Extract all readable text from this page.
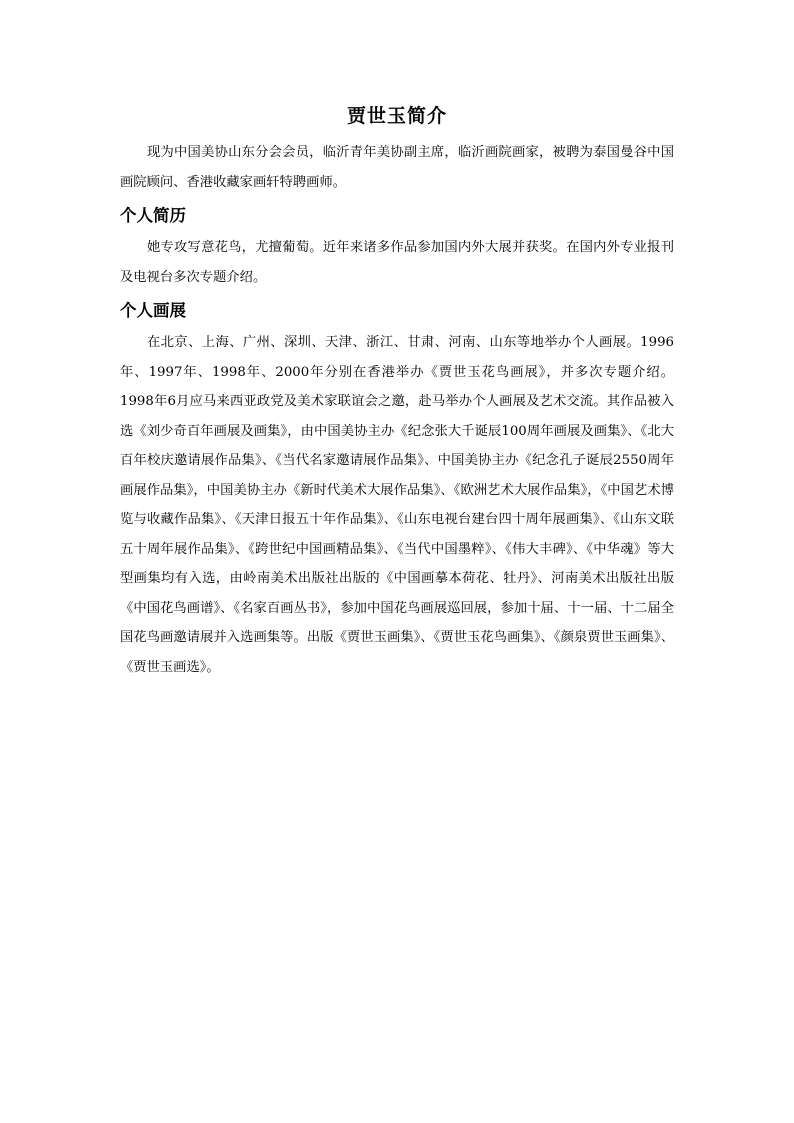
贾世玉简介

现为中国美协山东分会会员，临沂青年美协副主席，临沂画院画家，被聘为泰国曼谷中国画院顾问、香港收藏家画轩特聘画师。

个人简历

她专攻写意花鸟，尤擅葡萄。近年来诸多作品参加国内外大展并获奖。在国内外专业报刊及电视台多次专题介绍。

个人画展

在北京、上海、广州、深圳、天津、浙江、甘肃、河南、山东等地举办个人画展。1996年、1997年、1998年、2000年分别在香港举办《贾世玉花鸟画展》，并多次专题介绍。1998年6月应马来西亚政党及美术家联谊会之邀，赴马举办个人画展及艺术交流。其作品被入选《刘少奇百年画展及画集》，由中国美协主办《纪念张大千诞辰100周年画展及画集》、《北大百年校庆邀请展作品集》、《当代名家邀请展作品集》、中国美协主办《纪念孔子诞辰2550周年画展作品集》，中国美协主办《新时代美术大展作品集》、《欧洲艺术大展作品集》，《中国艺术博览与收藏作品集》、《天津日报五十年作品集》、《山东电视台建台四十周年展画集》、《山东文联五十周年展作品集》、《跨世纪中国画精品集》、《当代中国墨粹》、《伟大丰碑》、《中华魂》等大型画集均有入选，由岭南美术出版社出版的《中国画摹本荷花、牡丹》、河南美术出版社出版《中国花鸟画谱》、《名家百画丛书》，参加中国花鸟画展巡回展，参加十届、十一届、十二届全国花鸟画邀请展并入选画集等。出版《贾世玉画集》、《贾世玉花鸟画集》、《颜泉贾世玉画集》、《贾世玉画选》。
